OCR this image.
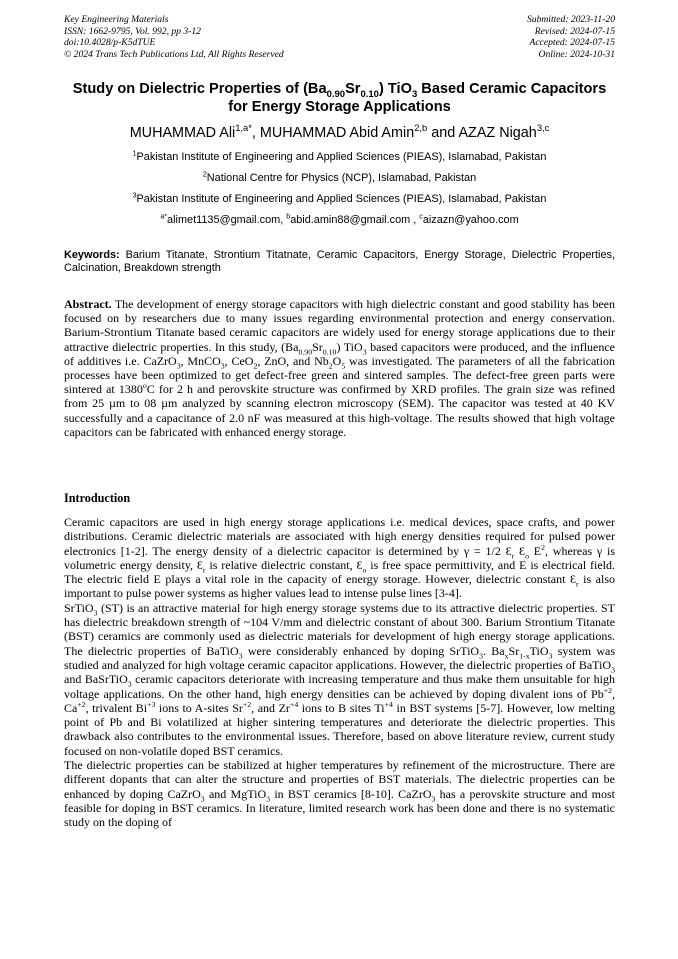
Key Engineering Materials
ISSN: 1662-9795, Vol. 992, pp 3-12
doi:10.4028/p-K5dTUE
© 2024 Trans Tech Publications Ltd, All Rights Reserved
Submitted: 2023-11-20
Revised: 2024-07-15
Accepted: 2024-07-15
Online: 2024-10-31
Study on Dielectric Properties of $(Ba_{0.90}Sr_{0.10})$ TiO$_3$ Based Ceramic Capacitors for Energy Storage Applications
MUHAMMAD Ali$^{1,a*}$, MUHAMMAD Abid Amin$^{2,b}$ and AZAZ Nigah$^{3,c}$
$^1$Pakistan Institute of Engineering and Applied Sciences (PIEAS), Islamabad, Pakistan
$^2$National Centre for Physics (NCP), Islamabad, Pakistan
$^3$Pakistan Institute of Engineering and Applied Sciences (PIEAS), Islamabad, Pakistan
$^{a*}$alimet1135@gmail.com, $^b$abid.amin88@gmail.com , $^c$aizazn@yahoo.com
Keywords: Barium Titanate, Strontium Titatnate, Ceramic Capacitors, Energy Storage, Dielectric Properties, Calcination, Breakdown strength
Abstract. The development of energy storage capacitors with high dielectric constant and good stability has been focused on by researchers due to many issues regarding environmental protection and energy conservation. Barium-Strontium Titanate based ceramic capacitors are widely used for energy storage applications due to their attractive dielectric properties. In this study, $(Ba_{0.90}Sr_{0.10})$ TiO$_3$ based capacitors were produced, and the influence of additives i.e. CaZrO$_3$, MnCO$_3$, CeO$_2$, ZnO, and $Nb_2O_5$ was investigated. The parameters of all the fabrication processes have been optimized to get defect-free green and sintered samples. The defect-free green parts were sintered at 1380$^o$C for 2 h and perovskite structure was confirmed by XRD profiles. The grain size was refined from 25 µm to 08 µm analyzed by scanning electron microscopy (SEM). The capacitor was tested at 40 KV successfully and a capacitance of 2.0 nF was measured at this high-voltage. The results showed that high voltage capacitors can be fabricated with enhanced energy storage.
Introduction

Ceramic capacitors are used in high energy storage applications i.e. medical devices, space crafts, and power distributions. Ceramic dielectric materials are associated with high energy densities required for pulsed power electronics [1-2]. The energy density of a dielectric capacitor is determined by γ = 1/2 $Ɛ_r$ $Ɛ_o$ $E^2$, whereas γ is volumetric energy density, $Ɛ_r$ is relative dielectric constant, $Ɛ_o$ is free space permittivity, and E is electrical field. The electric field E plays a vital role in the capacity of energy storage. However, dielectric constant $Ɛ_r$ is also important to pulse power systems as higher values lead to intense pulse lines [3-4].

SrTiO$_3$ (ST) is an attractive material for high energy storage systems due to its attractive dielectric properties. ST has dielectric breakdown strength of ~104 V/mm and dielectric constant of about 300. Barium Strontium Titanate (BST) ceramics are commonly used as dielectric materials for development of high energy storage applications. The dielectric properties of BaTiO$_3$ were considerably enhanced by doping SrTiO$_3$. $Ba_xSr_{1-x}TiO_3$ system was studied and analyzed for high voltage ceramic capacitor applications. However, the dielectric properties of BaTiO$_3$ and BaSrTiO$_3$ ceramic capacitors deteriorate with increasing temperature and thus make them unsuitable for high voltage applications. On the other hand, high energy densities can be achieved by doping divalent ions of $Pb^{+2}$, $Ca^{+2}$, trivalent $Bi^{+3}$ ions to A-sites $Sr^{+2}$, and $Zr^{+4}$ ions to B sites $Ti^{+4}$ in BST systems [5-7]. However, low melting point of Pb and Bi volatilized at higher sintering temperatures and deteriorate the dielectric properties. This drawback also contributes to the environmental issues. Therefore, based on above literature review, current study focused on non-volatile doped BST ceramics.

The dielectric properties can be stabilized at higher temperatures by refinement of the microstructure. There are different dopants that can alter the structure and properties of BST materials. The dielectric properties can be enhanced by doping CaZrO$_3$ and MgTiO$_3$ in BST ceramics [8-10]. CaZrO$_3$ has a perovskite structure and most feasible for doping in BST ceramics. In literature, limited research work has been done and there is no systematic study on the doping of
